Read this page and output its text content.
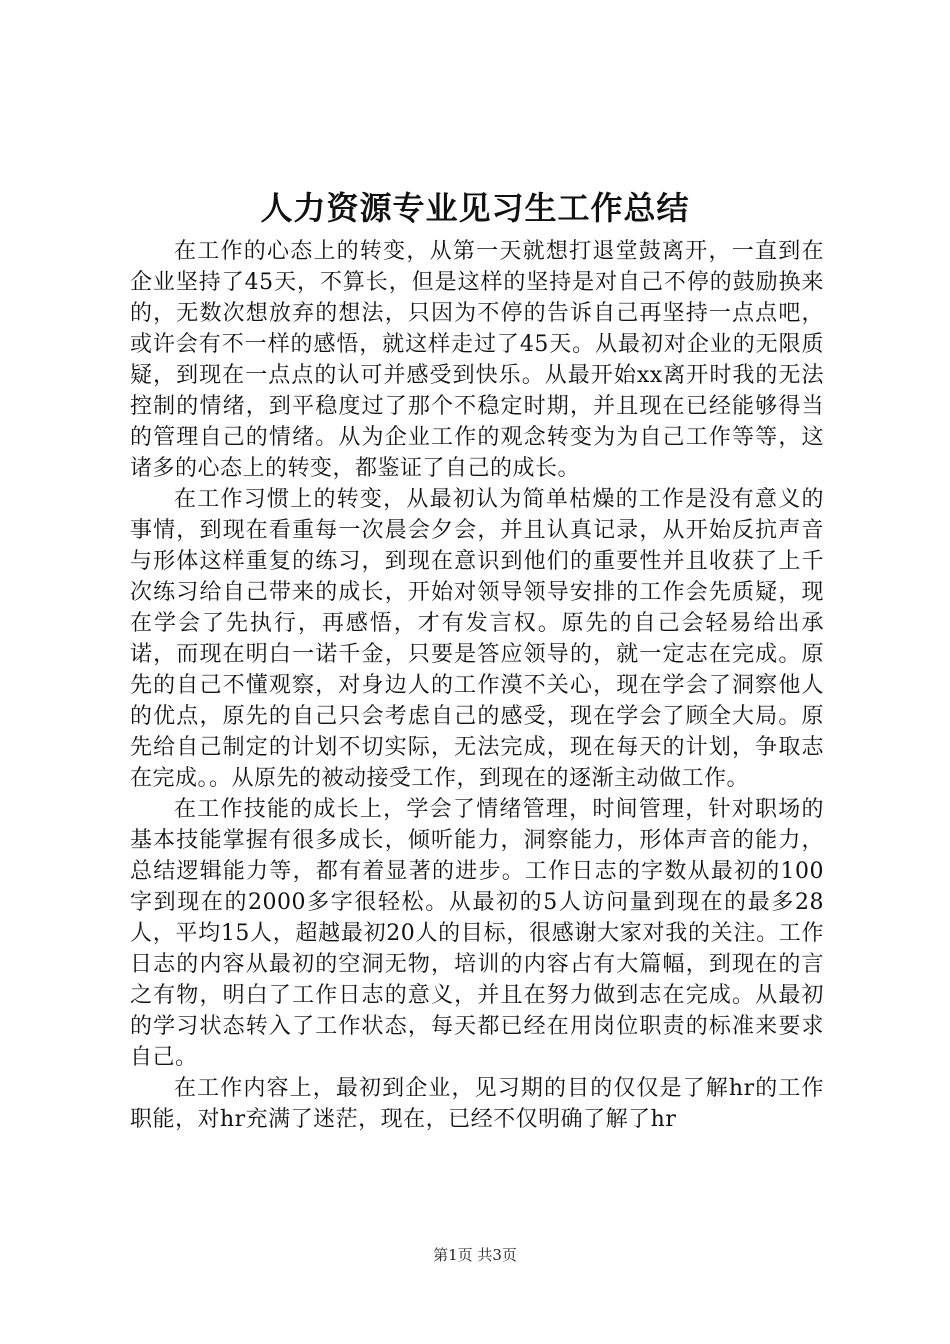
人力资源专业见习生工作总结

在工作的心态上的转变，从第一天就想打退堂鼓离开，一直到在企业坚持了45天，不算长，但是这样的坚持是对自己不停的鼓励换来的，无数次想放弃的想法，只因为不停的告诉自己再坚持一点点吧，或许会有不一样的感悟，就这样走过了45天。从最初对企业的无限质疑，到现在一点点的认可并感受到快乐。从最开始xx离开时我的无法控制的情绪，到平稳度过了那个不稳定时期，并且现在已经能够得当的管理自己的情绪。从为企业工作的观念转变为为自己工作等等，这诸多的心态上的转变，都鉴证了自己的成长。

在工作习惯上的转变，从最初认为简单枯燥的工作是没有意义的事情，到现在看重每一次晨会夕会，并且认真记录，从开始反抗声音与形体这样重复的练习，到现在意识到他们的重要性并且收获了上千次练习给自己带来的成长，开始对领导领导安排的工作会先质疑，现在学会了先执行，再感悟，才有发言权。原先的自己会轻易给出承诺，而现在明白一诺千金，只要是答应领导的，就一定志在完成。原先的自己不懂观察，对身边人的工作漠不关心，现在学会了洞察他人的优点，原先的自己只会考虑自己的感受，现在学会了顾全大局。原先给自己制定的计划不切实际，无法完成，现在每天的计划，争取志在完成。。从原先的被动接受工作，到现在的逐渐主动做工作。

在工作技能的成长上，学会了情绪管理，时间管理，针对职场的基本技能掌握有很多成长，倾听能力，洞察能力，形体声音的能力，总结逻辑能力等，都有着显著的进步。工作日志的字数从最初的100字到现在的2000多字很轻松。从最初的5人访问量到现在的最多28人，平均15人，超越最初20人的目标，很感谢大家对我的关注。工作日志的内容从最初的空洞无物，培训的内容占有大篇幅，到现在的言之有物，明白了工作日志的意义，并且在努力做到志在完成。从最初的学习状态转入了工作状态，每天都已经在用岗位职责的标准来要求自己。

在工作内容上，最初到企业，见习期的目的仅仅是了解hr的工作职能，对hr充满了迷茫，现在，已经不仅明确了解了hr

第1页 共3页
